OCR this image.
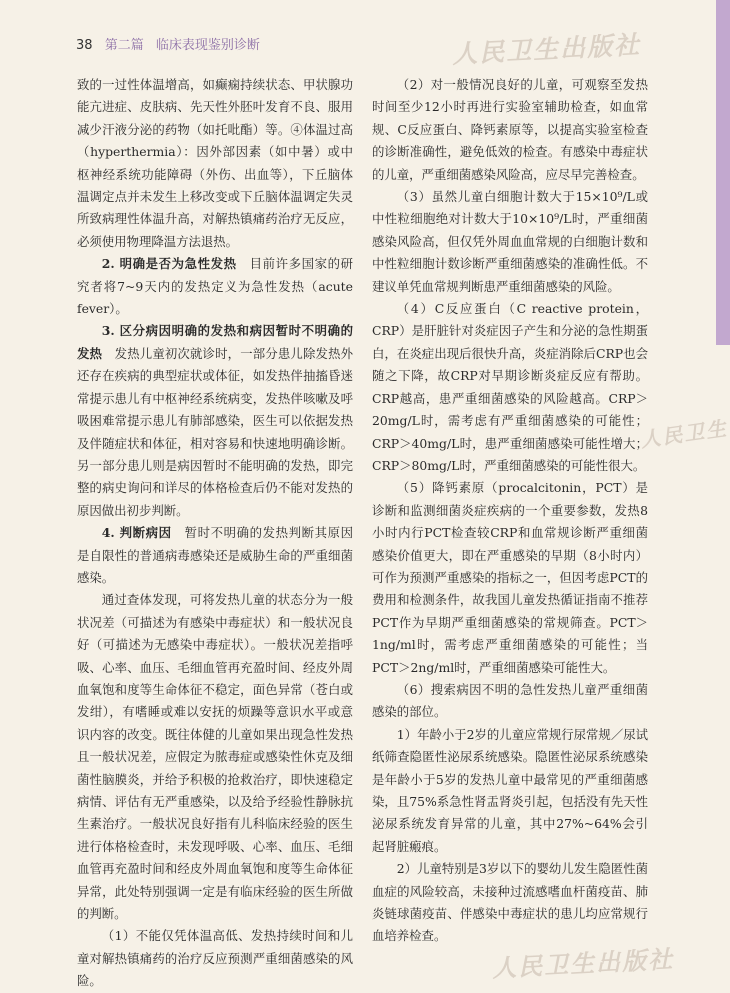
38 第二篇 临床表现鉴别诊断	人民卫生出版社
人民卫生
人民卫生出版社

致的一过性体温增高，如癫痫持续状态、甲状腺功能亢进症、皮肤病、先天性外胚叶发育不良、服用减少汗液分泌的药物（如托吡酯）等。④体温过高（hyperthermia）：因外部因素（如中暑）或中枢神经系统功能障碍（外伤、出血等），下丘脑体温调定点并未发生上移改变或下丘脑体温调定失灵所致病理性体温升高，对解热镇痛药治疗无反应，必须使用物理降温方法退热。

2. 明确是否为急性发热　 目前许多国家的研究者将7~9天内的发热定义为急性发热（acute fever）。

3. 区分病因明确的发热和病因暂时不明确的发热　 发热儿童初次就诊时，一部分患儿除发热外还存在疾病的典型症状或体征，如发热伴抽搐昏迷常提示患儿有中枢神经系统病变，发热伴咳嗽及呼吸困难常提示患儿有肺部感染，医生可以依据发热及伴随症状和体征，相对容易和快速地明确诊断。另一部分患儿则是病因暂时不能明确的发热，即完整的病史询问和详尽的体格检查后仍不能对发热的原因做出初步判断。

4. 判断病因　 暂时不明确的发热判断其原因是自限性的普通病毒感染还是威胁生命的严重细菌感染。

通过查体发现，可将发热儿童的状态分为一般状况差（可描述为有感染中毒症状）和一般状况良好（可描述为无感染中毒症状）。一般状况差指呼吸、心率、血压、毛细血管再充盈时间、经皮外周血氧饱和度等生命体征不稳定，面色异常（苍白或发绀），有嗜睡或难以安抚的烦躁等意识水平或意识内容的改变。既往体健的儿童如果出现急性发热且一般状况差，应假定为脓毒症或感染性休克及细菌性脑膜炎，并给予积极的抢救治疗，即快速稳定病情、评估有无严重感染，以及给予经验性静脉抗生素治疗。一般状况良好指有儿科临床经验的医生进行体格检查时，未发现呼吸、心率、血压、毛细血管再充盈时间和经皮外周血氧饱和度等生命体征异常，此处特别强调一定是有临床经验的医生所做的判断。

（1）不能仅凭体温高低、发热持续时间和儿童对解热镇痛药的治疗反应预测严重细菌感染的风险。

（2）对一般情况良好的儿童，可观察至发热时间至少12小时再进行实验室辅助检查，如血常规、C反应蛋白、降钙素原等，以提高实验室检查的诊断准确性，避免低效的检查。有感染中毒症状的儿童，严重细菌感染风险高，应尽早完善检查。

（3）虽然儿童白细胞计数大于15×10⁹/L或中性粒细胞绝对计数大于10×10⁹/L时，严重细菌感染风险高，但仅凭外周血血常规的白细胞计数和中性粒细胞计数诊断严重细菌感染的准确性低。不建议单凭血常规判断患严重细菌感染的风险。

（4）C反应蛋白（C reactive protein，CRP）是肝脏针对炎症因子产生和分泌的急性期蛋白，在炎症出现后很快升高，炎症消除后CRP也会随之下降，故CRP对早期诊断炎症反应有帮助。CRP越高，患严重细菌感染的风险越高。CRP＞20mg/L时，需考虑有严重细菌感染的可能性；CRP＞40mg/L时，患严重细菌感染可能性增大；CRP＞80mg/L时，严重细菌感染的可能性很大。

（5）降钙素原（procalcitonin，PCT）是诊断和监测细菌炎症疾病的一个重要参数，发热8小时内行PCT检查较CRP和血常规诊断严重细菌感染价值更大，即在严重感染的早期（8小时内）可作为预测严重感染的指标之一，但因考虑PCT的费用和检测条件，故我国儿童发热循证指南不推荐PCT作为早期严重细菌感染的常规筛查。PCT＞1ng/ml时，需考虑严重细菌感染的可能性；当PCT＞2ng/ml时，严重细菌感染可能性大。

（6）搜索病因不明的急性发热儿童严重细菌感染的部位。

1）年龄小于2岁的儿童应常规行尿常规／尿试纸筛查隐匿性泌尿系统感染。隐匿性泌尿系统感染是年龄小于5岁的发热儿童中最常见的严重细菌感染，且75%系急性肾盂肾炎引起，包括没有先天性泌尿系统发育异常的儿童，其中27%~64%会引起肾脏瘢痕。

2）儿童特别是3岁以下的婴幼儿发生隐匿性菌血症的风险较高，未接种过流感嗜血杆菌疫苗、肺炎链球菌疫苗、伴感染中毒症状的患儿均应常规行血培养检查。
